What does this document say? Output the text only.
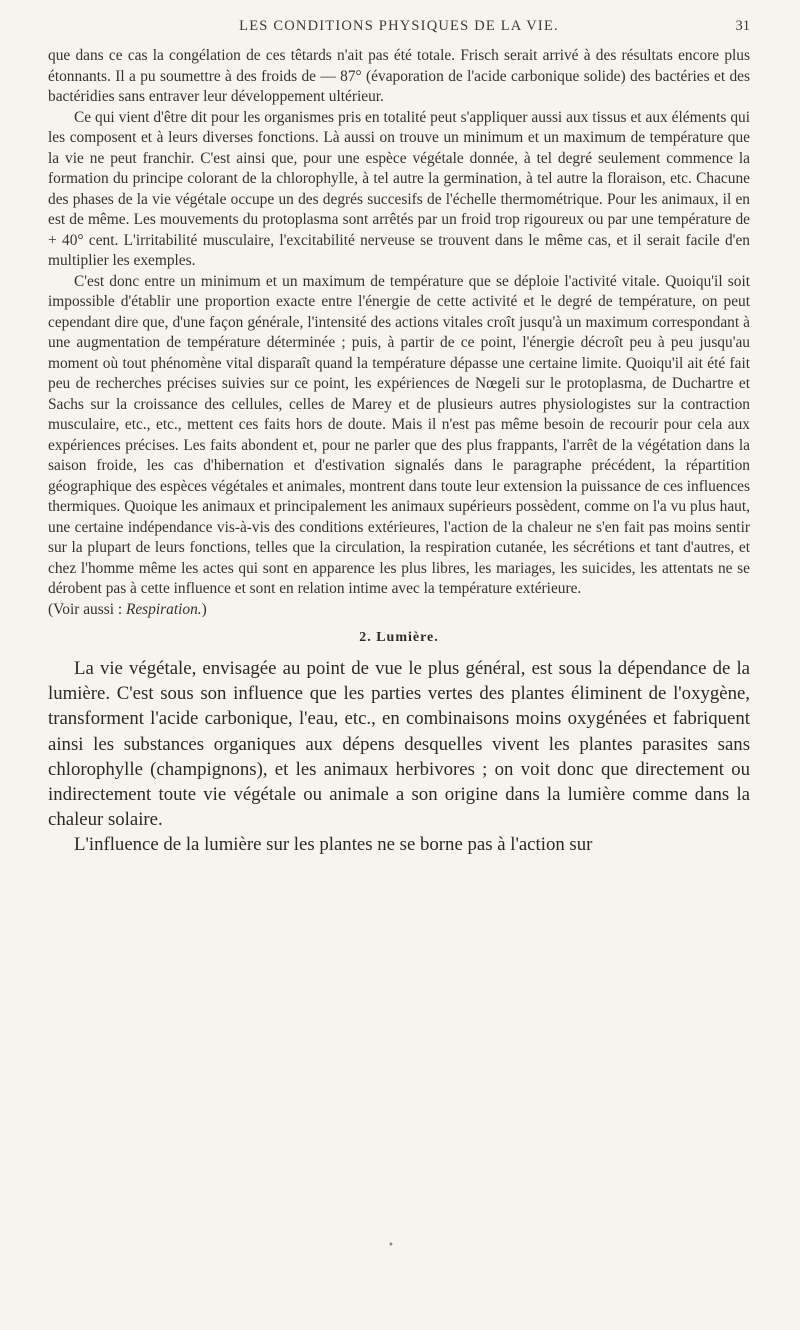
LES CONDITIONS PHYSIQUES DE LA VIE.	31

que dans ce cas la congélation de ces têtards n'ait pas été totale. Frisch serait arrivé à des résultats encore plus étonnants. Il a pu soumettre à des froids de — 87° (évaporation de l'acide carbonique solide) des bactéries et des bactéridies sans entraver leur développement ultérieur.

Ce qui vient d'être dit pour les organismes pris en totalité peut s'appliquer aussi aux tissus et aux éléments qui les composent et à leurs diverses fonctions. Là aussi on trouve un minimum et un maximum de température que la vie ne peut franchir. C'est ainsi que, pour une espèce végétale donnée, à tel degré seulement commence la formation du principe colorant de la chlorophylle, à tel autre la germination, à tel autre la floraison, etc. Chacune des phases de la vie végétale occupe un des degrés succesifs de l'échelle thermométrique. Pour les animaux, il en est de même. Les mouvements du protoplasma sont arrêtés par un froid trop rigoureux ou par une température de + 40° cent. L'irritabilité musculaire, l'excitabilité nerveuse se trouvent dans le même cas, et il serait facile d'en multiplier les exemples.

C'est donc entre un minimum et un maximum de température que se déploie l'activité vitale. Quoiqu'il soit impossible d'établir une proportion exacte entre l'énergie de cette activité et le degré de température, on peut cependant dire que, d'une façon générale, l'intensité des actions vitales croît jusqu'à un maximum correspondant à une augmentation de température déterminée ; puis, à partir de ce point, l'énergie décroît peu à peu jusqu'au moment où tout phénomène vital disparaît quand la température dépasse une certaine limite. Quoiqu'il ait été fait peu de recherches précises suivies sur ce point, les expériences de Nœgeli sur le protoplasma, de Duchartre et Sachs sur la croissance des cellules, celles de Marey et de plusieurs autres physiologistes sur la contraction musculaire, etc., etc., mettent ces faits hors de doute. Mais il n'est pas même besoin de recourir pour cela aux expériences précises. Les faits abondent et, pour ne parler que des plus frappants, l'arrêt de la végétation dans la saison froide, les cas d'hibernation et d'estivation signalés dans le paragraphe précédent, la répartition géographique des espèces végétales et animales, montrent dans toute leur extension la puissance de ces influences thermiques. Quoique les animaux et principalement les animaux supérieurs possèdent, comme on l'a vu plus haut, une certaine indépendance vis-à-vis des conditions extérieures, l'action de la chaleur ne s'en fait pas moins sentir sur la plupart de leurs fonctions, telles que la circulation, la respiration cutanée, les sécrétions et tant d'autres, et chez l'homme même les actes qui sont en apparence les plus libres, les mariages, les suicides, les attentats ne se dérobent pas à cette influence et sont en relation intime avec la température extérieure.

(Voir aussi : Respiration.)

2. Lumière.

La vie végétale, envisagée au point de vue le plus général, est sous la dépendance de la lumière. C'est sous son influence que les parties vertes des plantes éliminent de l'oxygène, transforment l'acide carbonique, l'eau, etc., en combinaisons moins oxygénées et fabriquent ainsi les substances organiques aux dépens desquelles vivent les plantes parasites sans chlorophylle (champignons), et les animaux herbivores ; on voit donc que directement ou indirectement toute vie végétale ou animale a son origine dans la lumière comme dans la chaleur solaire.

L'influence de la lumière sur les plantes ne se borne pas à l'action sur

•
